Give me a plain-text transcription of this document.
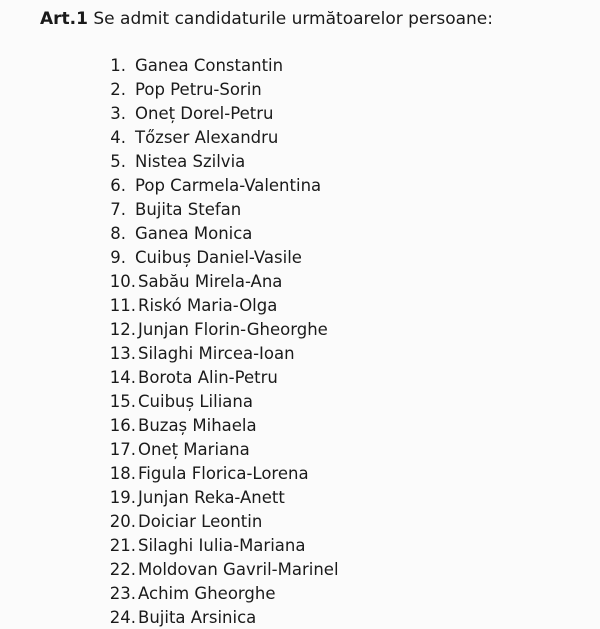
Art.1 Se admit candidaturile următoarelor persoane:
1. Ganea Constantin
2. Pop Petru-Sorin
3. Oneț Dorel-Petru
4. Tőzser Alexandru
5. Nistea Szilvia
6. Pop Carmela-Valentina
7. Bujita Stefan
8. Ganea Monica
9. Cuibuș Daniel-Vasile
10. Sabău Mirela-Ana
11. Riskó Maria-Olga
12. Junjan Florin-Gheorghe
13. Silaghi Mircea-Ioan
14. Borota Alin-Petru
15. Cuibuș Liliana
16. Buzaș Mihaela
17. Oneț Mariana
18. Figula Florica-Lorena
19. Junjan Reka-Anett
20. Doiciar Leontin
21. Silaghi Iulia-Mariana
22. Moldovan Gavril-Marinel
23. Achim Gheorghe
24. Bujita Arsinica
